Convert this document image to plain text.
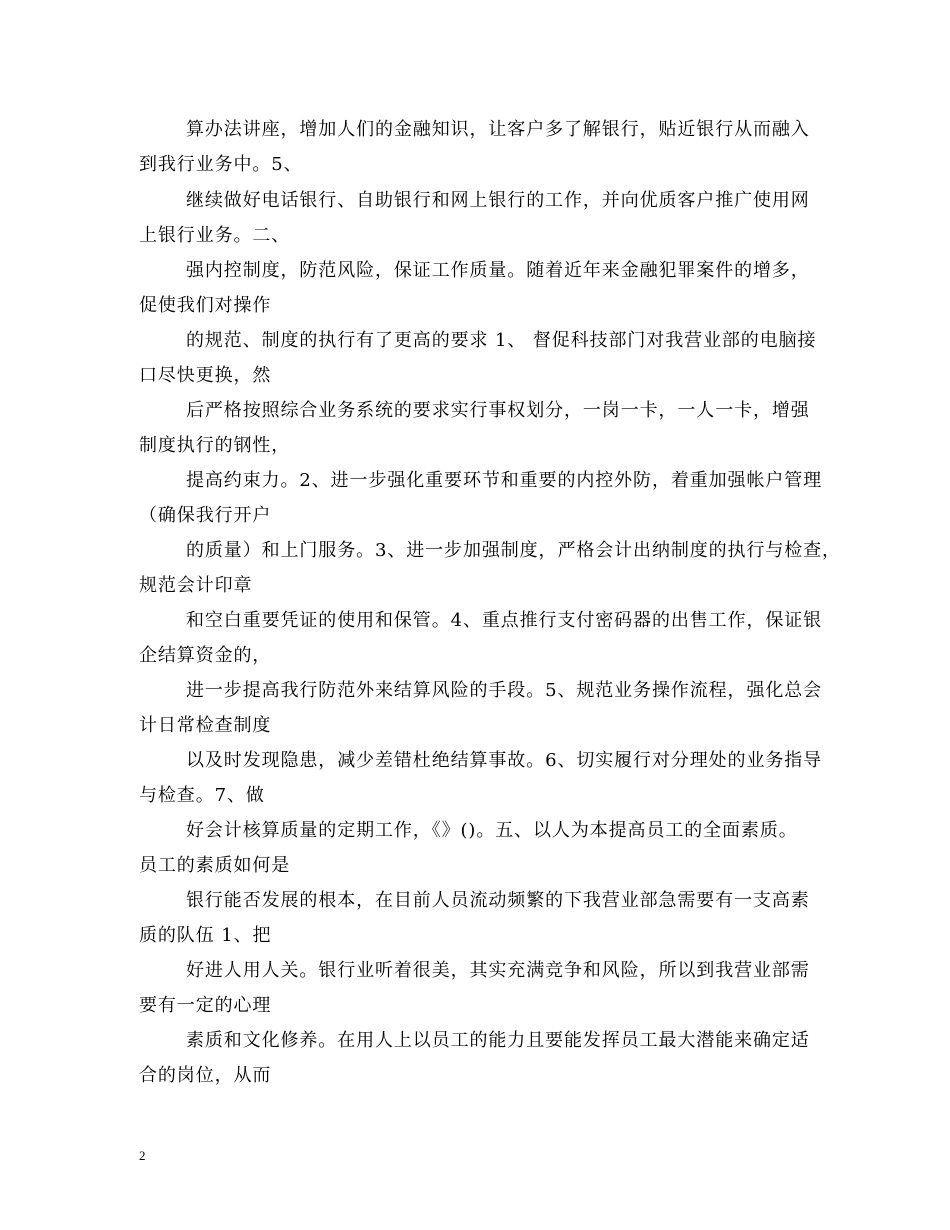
算办法讲座，增加人们的金融知识，让客户多了解银行，贴近银行从而融入
到我行业务中。5、
继续做好电话银行、自助银行和网上银行的工作，并向优质客户推广使用网
上银行业务。二、
强内控制度，防范风险，保证工作质量。随着近年来金融犯罪案件的增多，
促使我们对操作
的规范、制度的执行有了更高的要求 1、 督促科技部门对我营业部的电脑接
口尽快更换，然
后严格按照综合业务系统的要求实行事权划分，一岗一卡，一人一卡，增强
制度执行的钢性，
提高约束力。2、进一步强化重要环节和重要的内控外防，着重加强帐户管理
（确保我行开户
的质量）和上门服务。3、进一步加强制度，严格会计出纳制度的执行与检查，
规范会计印章
和空白重要凭证的使用和保管。4、重点推行支付密码器的出售工作，保证银
企结算资金的，
进一步提高我行防范外来结算风险的手段。5、规范业务操作流程，强化总会
计日常检查制度
以及时发现隐患，减少差错杜绝结算事故。6、切实履行对分理处的业务指导
与检查。7、做
好会计核算质量的定期工作，《》()。五、以人为本提高员工的全面素质。
员工的素质如何是
银行能否发展的根本，在目前人员流动频繁的下我营业部急需要有一支高素
质的队伍 1、把
好进人用人关。银行业听着很美，其实充满竞争和风险，所以到我营业部需
要有一定的心理
素质和文化修养。在用人上以员工的能力且要能发挥员工最大潜能来确定适
合的岗位，从而
2
